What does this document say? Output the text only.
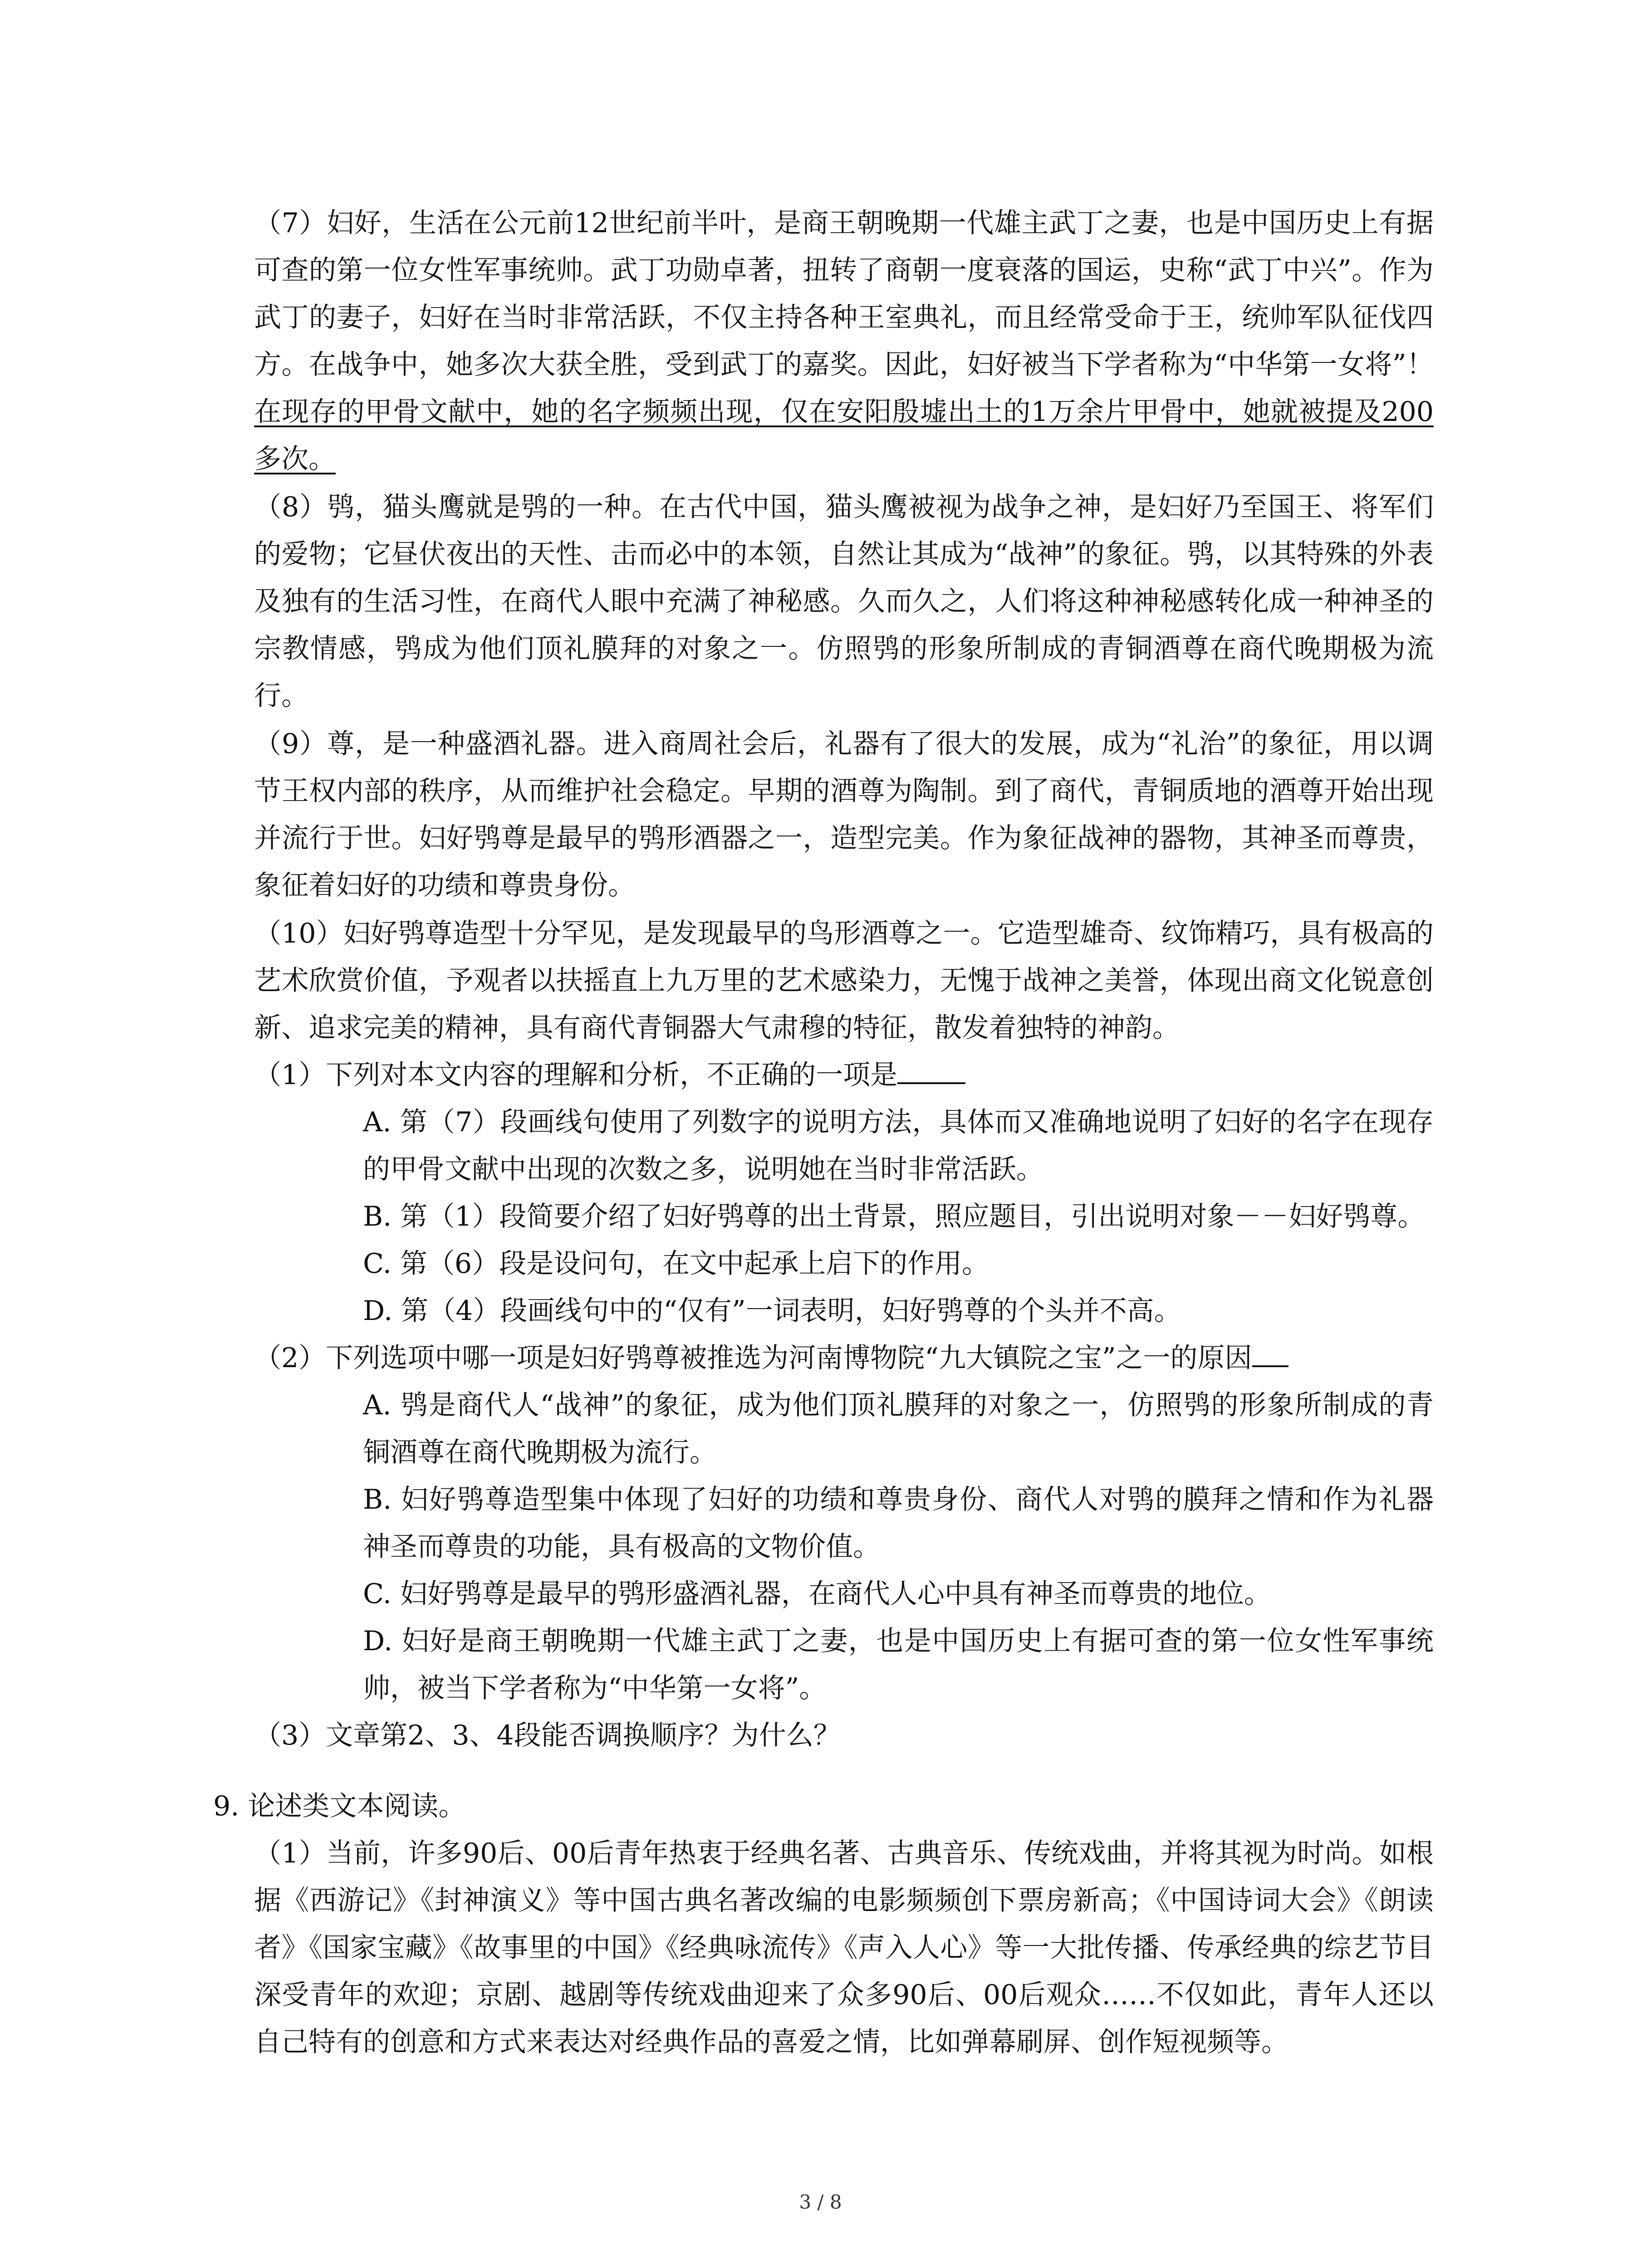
（7）妇好，生活在公元前12世纪前半叶，是商王朝晚期一代雄主武丁之妻，也是中国历史上有据可查的第一位女性军事统帅。武丁功勋卓著，扭转了商朝一度衰落的国运，史称“武丁中兴”。作为武丁的妻子，妇好在当时非常活跃，不仅主持各种王室典礼，而且经常受命于王，统帅军队征伐四方。在战争中，她多次大获全胜，受到武丁的嘉奖。因此，妇好被当下学者称为“中华第一女将”！在现存的甲骨文献中，她的名字频频出现，仅在安阳殷墟出土的1万余片甲骨中，她就被提及200多次。

（8）鸮，猫头鹰就是鸮的一种。在古代中国，猫头鹰被视为战争之神，是妇好乃至国王、将军们的爱物；它昼伏夜出的天性、击而必中的本领，自然让其成为“战神”的象征。鸮，以其特殊的外表及独有的生活习性，在商代人眼中充满了神秘感。久而久之，人们将这种神秘感转化成一种神圣的宗教情感，鸮成为他们顶礼膜拜的对象之一。仿照鸮的形象所制成的青铜酒尊在商代晚期极为流行。

（9）尊，是一种盛酒礼器。进入商周社会后，礼器有了很大的发展，成为“礼治”的象征，用以调节王权内部的秩序，从而维护社会稳定。早期的酒尊为陶制。到了商代，青铜质地的酒尊开始出现并流行于世。妇好鸮尊是最早的鸮形酒器之一，造型完美。作为象征战神的器物，其神圣而尊贵，象征着妇好的功绩和尊贵身份。

（10）妇好鸮尊造型十分罕见，是发现最早的鸟形酒尊之一。它造型雄奇、纹饰精巧，具有极高的艺术欣赏价值，予观者以扶摇直上九万里的艺术感染力，无愧于战神之美誉，体现出商文化锐意创新、追求完美的精神，具有商代青铜器大气肃穆的特征，散发着独特的神韵。

（1）下列对本文内容的理解和分析，不正确的一项是

A. 第（7）段画线句使用了列数字的说明方法，具体而又准确地说明了妇好的名字在现存的甲骨文献中出现的次数之多，说明她在当时非常活跃。

B. 第（1）段简要介绍了妇好鸮尊的出土背景，照应题目，引出说明对象－－妇好鸮尊。

C. 第（6）段是设问句，在文中起承上启下的作用。

D. 第（4）段画线句中的“仅有”一词表明，妇好鸮尊的个头并不高。

（2）下列选项中哪一项是妇好鸮尊被推选为河南博物院“九大镇院之宝”之一的原因

A. 鸮是商代人“战神”的象征，成为他们顶礼膜拜的对象之一，仿照鸮的形象所制成的青铜酒尊在商代晚期极为流行。

B. 妇好鸮尊造型集中体现了妇好的功绩和尊贵身份、商代人对鸮的膜拜之情和作为礼器神圣而尊贵的功能，具有极高的文物价值。

C. 妇好鸮尊是最早的鸮形盛酒礼器，在商代人心中具有神圣而尊贵的地位。

D. 妇好是商王朝晚期一代雄主武丁之妻，也是中国历史上有据可查的第一位女性军事统帅，被当下学者称为“中华第一女将”。

（3）文章第2、3、4段能否调换顺序？为什么？

9. 论述类文本阅读。

（1）当前，许多90后、00后青年热衷于经典名著、古典音乐、传统戏曲，并将其视为时尚。如根据《西游记》《封神演义》等中国古典名著改编的电影频频创下票房新高；《中国诗词大会》《朗读者》《国家宝藏》《故事里的中国》《经典咏流传》《声入人心》等一大批传播、传承经典的综艺节目深受青年的欢迎；京剧、越剧等传统戏曲迎来了众多90后、00后观众……不仅如此，青年人还以自己特有的创意和方式来表达对经典作品的喜爱之情，比如弹幕刷屏、创作短视频等。

3 / 8
